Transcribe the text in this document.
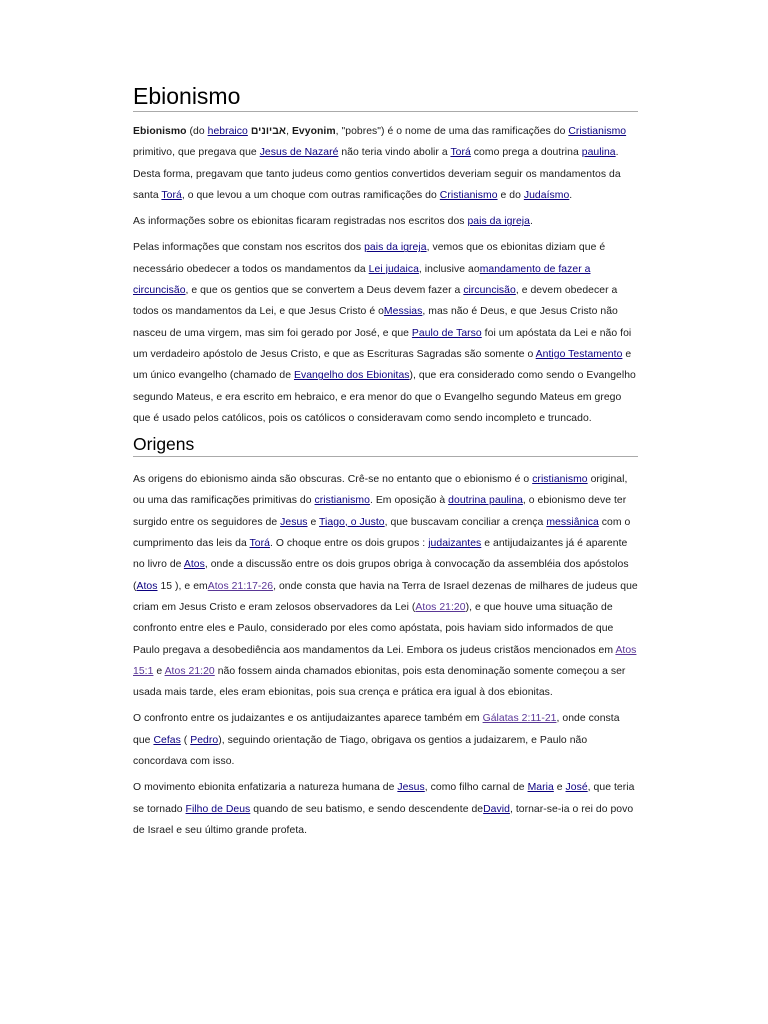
Ebionismo

Ebionismo (do hebraico אביונים, Evyonim, "pobres") é o nome de uma das ramificações do Cristianismo primitivo, que pregava que Jesus de Nazaré não teria vindo abolir a Torá como prega a doutrina paulina. Desta forma, pregavam que tanto judeus como gentios convertidos deveriam seguir os mandamentos da santa Torá, o que levou a um choque com outras ramificações do Cristianismo e do Judaísmo.

As informações sobre os ebionitas ficaram registradas nos escritos dos pais da igreja.

Pelas informações que constam nos escritos dos pais da igreja, vemos que os ebionitas diziam que é necessário obedecer a todos os mandamentos da Lei judaica, inclusive aomandamento de fazer a circuncisão, e que os gentios que se convertem a Deus devem fazer a circuncisão, e devem obedecer a todos os mandamentos da Lei, e que Jesus Cristo é oMessias, mas não é Deus, e que Jesus Cristo não nasceu de uma virgem, mas sim foi gerado por José, e que Paulo de Tarso foi um apóstata da Lei e não foi um verdadeiro apóstolo de Jesus Cristo, e que as Escrituras Sagradas são somente o Antigo Testamento e um único evangelho (chamado de Evangelho dos Ebionitas), que era considerado como sendo o Evangelho segundo Mateus, e era escrito em hebraico, e era menor do que o Evangelho segundo Mateus em grego que é usado pelos católicos, pois os católicos o consideravam como sendo incompleto e truncado.

Origens

As origens do ebionismo ainda são obscuras. Crê-se no entanto que o ebionismo é o cristianismo original, ou uma das ramificações primitivas do cristianismo. Em oposição à doutrina paulina, o ebionismo deve ter surgido entre os seguidores de Jesus e Tiago, o Justo, que buscavam conciliar a crença messiânica com o cumprimento das leis da Torá. O choque entre os dois grupos : judaizantes e antijudaizantes já é aparente no livro de Atos, onde a discussão entre os dois grupos obriga à convocação da assembléia dos apóstolos (Atos 15 ), e emAtos 21:17-26, onde consta que havia na Terra de Israel dezenas de milhares de judeus que criam em Jesus Cristo e eram zelosos observadores da Lei (Atos 21:20), e que houve uma situação de confronto entre eles e Paulo, considerado por eles como apóstata, pois haviam sido informados de que Paulo pregava a desobediência aos mandamentos da Lei. Embora os judeus cristãos mencionados em Atos 15:1 e Atos 21:20 não fossem ainda chamados ebionitas, pois esta denominação somente começou a ser usada mais tarde, eles eram ebionitas, pois sua crença e prática era igual à dos ebionitas.

O confronto entre os judaizantes e os antijudaizantes aparece também em Gálatas 2:11-21, onde consta que Cefas ( Pedro), seguindo orientação de Tiago, obrigava os gentios a judaizarem, e Paulo não concordava com isso.

O movimento ebionita enfatizaria a natureza humana de Jesus, como filho carnal de Maria e José, que teria se tornado Filho de Deus quando de seu batismo, e sendo descendente deDavid, tornar-se-ia o rei do povo de Israel e seu último grande profeta.
